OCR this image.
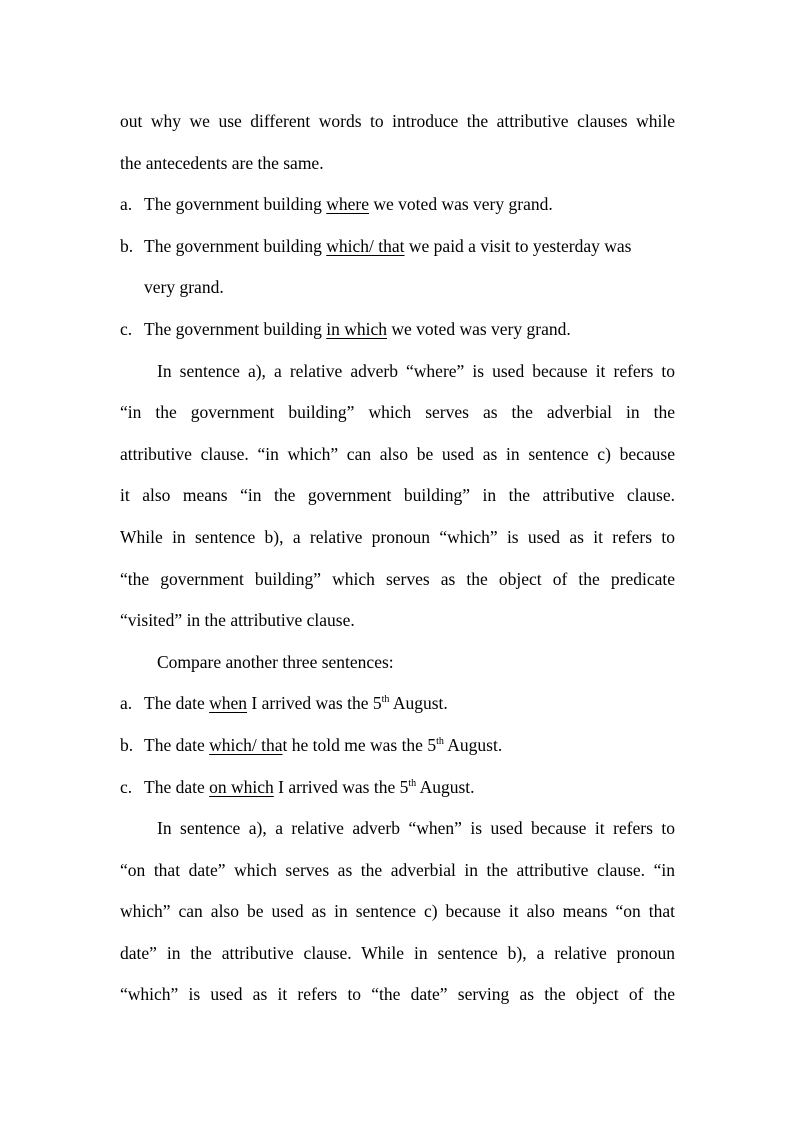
out why we use different words to introduce the attributive clauses while
the antecedents are the same.
a. The government building where we voted was very grand.
b. The government building which/ that we paid a visit to yesterday was
very grand.
c. The government building in which we voted was very grand.
In sentence a), a relative adverb “where” is used because it refers to
“in the government building” which serves as the adverbial in the
attributive clause. “in which” can also be used as in sentence c) because
it also means “in the government building” in the attributive clause.
While in sentence b), a relative pronoun “which” is used as it refers to
“the government building” which serves as the object of the predicate
“visited” in the attributive clause.
Compare another three sentences:
a. The date when I arrived was the 5th August.
b. The date which/ that he told me was the 5th August.
c. The date on which I arrived was the 5th August.
In sentence a), a relative adverb “when” is used because it refers to
“on that date” which serves as the adverbial in the attributive clause. “in
which” can also be used as in sentence c) because it also means “on that
date” in the attributive clause. While in sentence b), a relative pronoun
“which” is used as it refers to “the date” serving as the object of the
